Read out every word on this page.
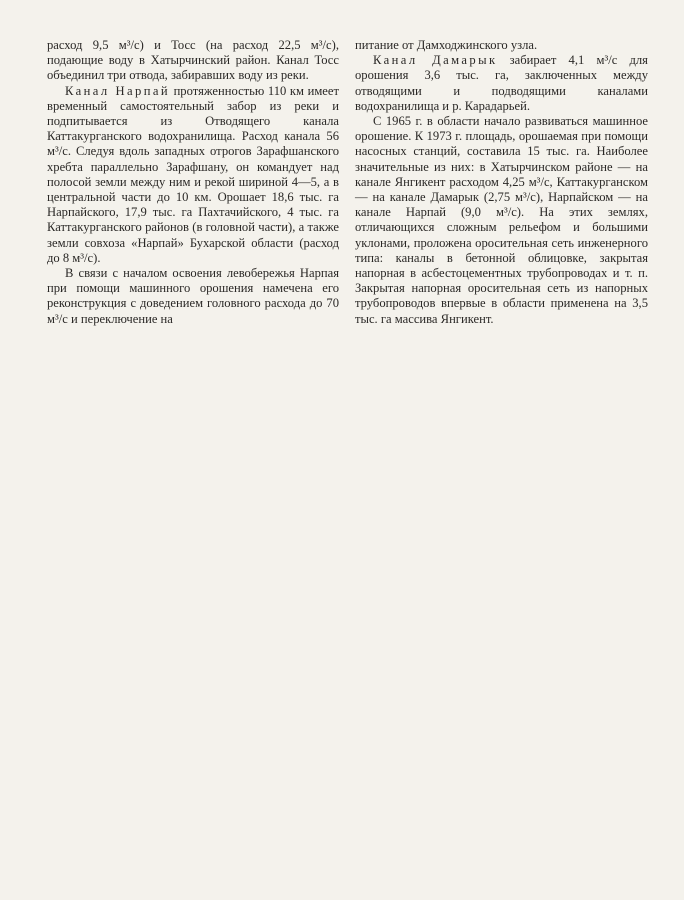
расход 9,5 м³/с) и Тосс (на расход 22,5 м³/с), подающие воду в Хатырчинский район. Канал Тосс объединил три отвода, забиравших воду из реки.

Канал Нарпай протяженностью 110 км имеет временный самостоятельный забор из реки и подпитывается из Отводящего канала Каттакурганского водохранилища. Расход канала 56 м³/с. Следуя вдоль западных отрогов Зарафшанского хребта параллельно Зарафшану, он командует над полосой земли между ним и рекой шириной 4—5, а в центральной части до 10 км. Орошает 18,6 тыс. га Нарпайского, 17,9 тыс. га Пахтачийского, 4 тыс. га Каттакурганского районов (в головной части), а также земли совхоза «Нарпай» Бухарской области (расход до 8 м³/с).

В связи с началом освоения левобережья Нарпая при помощи машинного орошения намечена его реконструкция с доведением головного расхода до 70 м³/с и переключение на

питание от Дамходжинского узла.

Канал Дамарык забирает 4,1 м³/с для орошения 3,6 тыс. га, заключенных между отводящими и подводящими каналами водохранилища и р. Карадарьей.

С 1965 г. в области начало развиваться машинное орошение. К 1973 г. площадь, орошаемая при помощи насосных станций, составила 15 тыс. га. Наиболее значительные из них: в Хатырчинском районе — на канале Янгикент расходом 4,25 м³/с, Каттакурганском — на канале Дамарык (2,75 м³/с), Нарпайском — на канале Нарпай (9,0 м³/с). На этих землях, отличающихся сложным рельефом и большими уклонами, проложена оросительная сеть инженерного типа: каналы в бетонной облицовке, закрытая напорная в асбестоцементных трубопроводах и т. п. Закрытая напорная оросительная сеть из напорных трубопроводов впервые в области применена на 3,5 тыс. га массива Янгикент.
